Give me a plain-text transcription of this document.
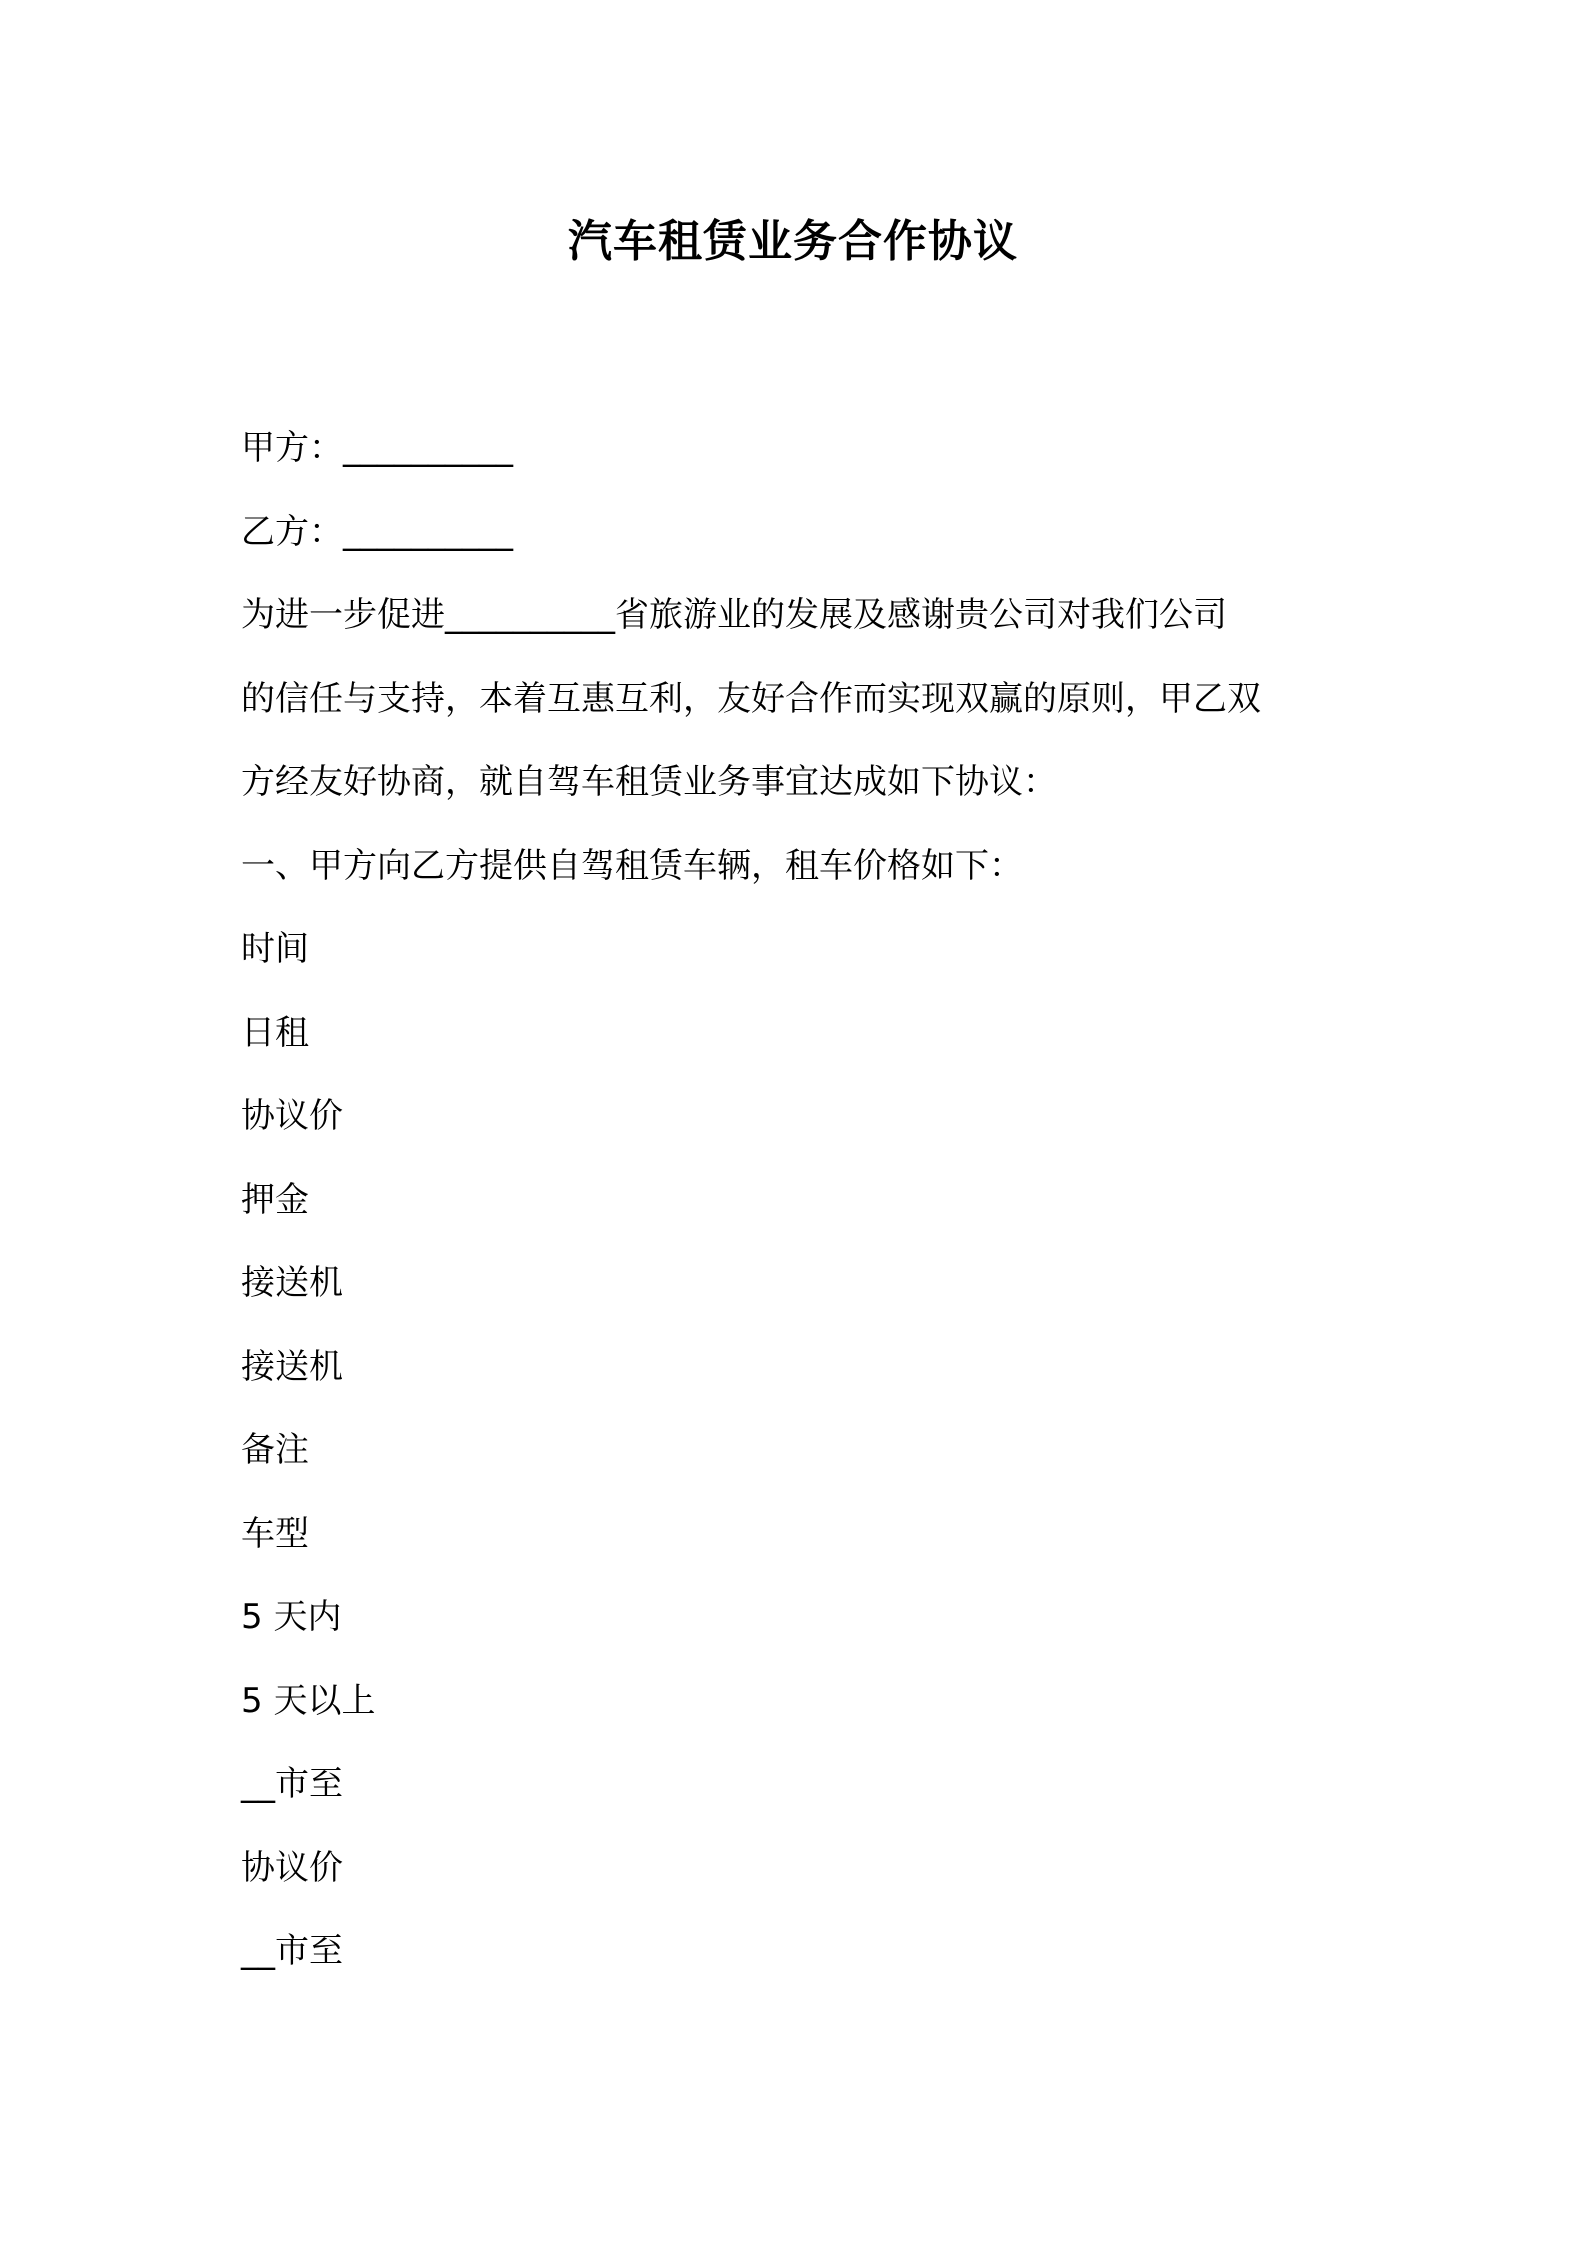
汽车租赁业务合作协议
甲方：__________
乙方：__________
为进一步促进__________省旅游业的发展及感谢贵公司对我们公司
的信任与支持，本着互惠互利，友好合作而实现双赢的原则，甲乙双
方经友好协商，就自驾车租赁业务事宜达成如下协议：
一、甲方向乙方提供自驾租赁车辆，租车价格如下：
时间
日租
协议价
押金
接送机
接送机
备注
车型
5 天内
5 天以上
__市至
协议价
__市至
